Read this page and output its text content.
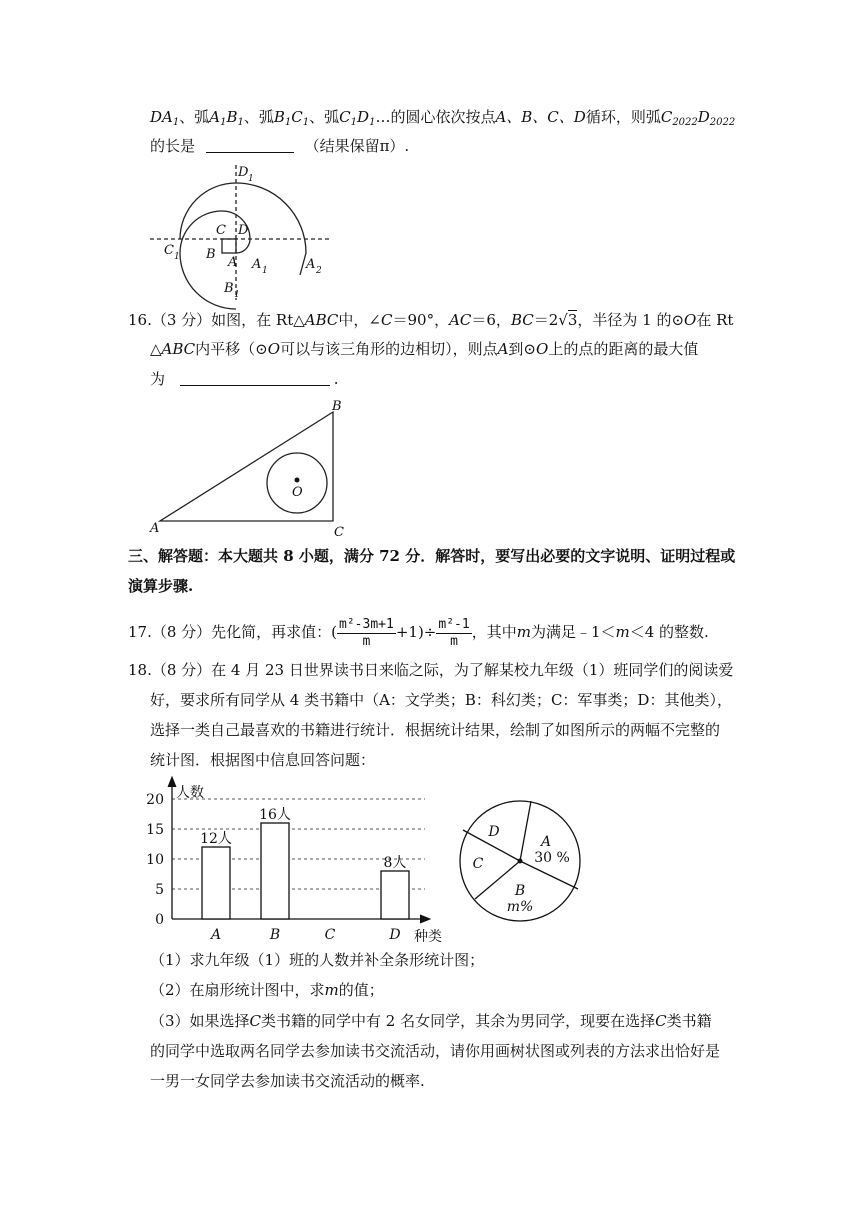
$DA_1$、弧$A_1B_1$、弧$B_1C_1$、弧$C_1D_1\dots$的圆心依次按点A、B、C、D循环，则弧$C_{2022}D_{2022}$
的长是	（结果保留π）.
D 1
C D
C 1 B
A A 1	A 2
B 1
16.（3 分）如图，在 Rt△ABC中，∠C＝90°，AC＝6，BC＝2√3，半径为 1 的⊙O在 Rt
△ABC内平移（⊙O可以与该三角形的边相切），则点A到⊙O上的点的距离的最大值
为	.
A
B
C
O
三、解答题：本大题共 8 小题，满分 72 分．解答时，要写出必要的文字说明、证明过程或
演算步骤.
17.（8 分）先化简，再求值：( $\frac{\text{m²-3m+1}}{m} +1)\div \frac{\text{m²-1}}{m}$ ，其中m为满足﹣1＜m＜4 的整数.
18.（8 分）在 4 月 23 日世界读书日来临之际，为了解某校九年级（1）班同学们的阅读爱
好，要求所有同学从 4 类书籍中（A：文学类；B：科幻类；C：军事类；D：其他类），
选择一类自己最喜欢的书籍进行统计．根据统计结果，绘制了如图所示的两幅不完整的
统计图．根据图中信息回答问题：
0
5
10
15
20 人数
种类
A
12人
B
16人
C	D
8人
A
30 %
B
m%
C
D
（1）求九年级（1）班的人数并补全条形统计图；
（2）在扇形统计图中，求m的值；
（3）如果选择C类书籍的同学中有 2 名女同学，其余为男同学，现要在选择C类书籍
的同学中选取两名同学去参加读书交流活动，请你用画树状图或列表的方法求出恰好是
一男一女同学去参加读书交流活动的概率.
